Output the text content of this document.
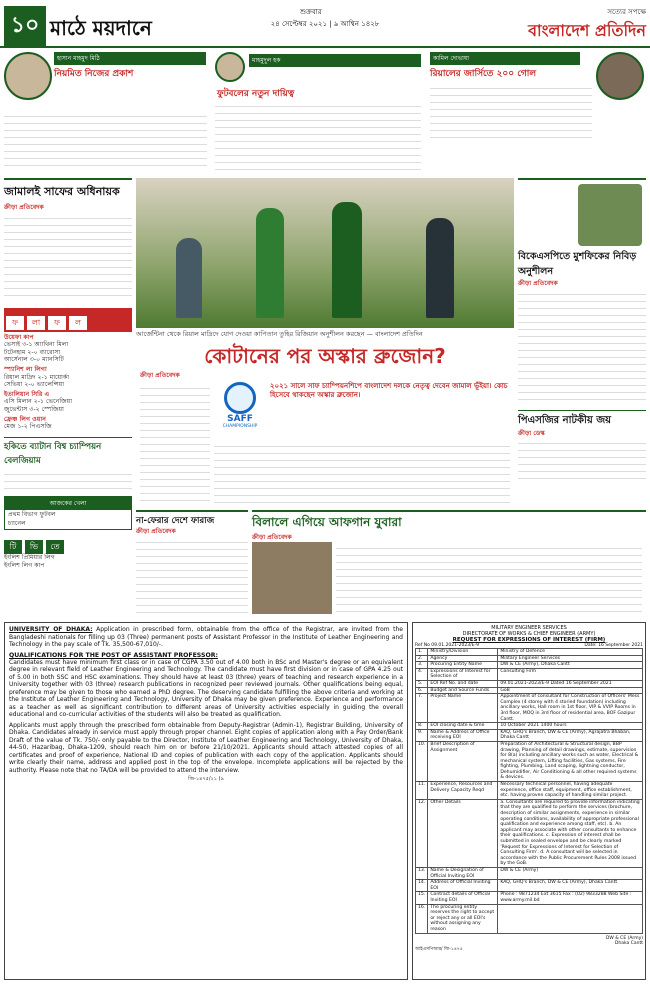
১০ মাঠে ময়দানে
শুক্রবার
২৪ সেপ্টেম্বর ২০২১ | ৯ আশ্বিন ১৪২৮
সত্যের সপক্ষে
বাংলাদেশ প্রতিদিন
হাসান মাহমুদ মিঠি
নিয়মিত নিজের প্রকাশ
মাহমুদুল হক
ফুটবলের নতুন দায়িত্ব
কামিল দোভাষা
রিয়ালের জার্সিতে ২০০ গোল
জামালই সাফের অধিনায়ক
ক্রীড়া প্রতিবেদক
ফ লা ফ ল
উয়েফা কাপ
ভেসাই ৩-১ অ্যাথিনা মিলা
টটেনহাম ২-০ ব্যারোসা
আর্সেনাল ৩-০ ম্যানসিটি
স্প্যানিশ লা লিগা
রিয়াল মাদ্রিদ ২-১ মায়োর্কা
সেভিয়া ২-০ ভ্যালেন্সিয়া
ইতালিয়ান সিরি এ
এসি মিলান ২-১ ভেনেজিয়া
জুভেন্টাস ৩-২ স্পেজিয়া
ফ্রেঞ্চ লিগ ওয়ান
মেজ ১-২ পিএসজি
হকিতে ব্যাটান বিশ্ব চ্যাম্পিয়ন বেলজিয়াম
আজকের খেলা
প্রথম বিভাগ ফুটবল
চ্যানেল
টি ভি তে
ইংলিশ প্রিমিয়ার লিগ
ইংলিশ লিগ কাপ
আর্জেন্টিনা থেকে রিয়াল মাদ্রিদে যোগ দেওয়া কাপিতান তুহির রিজিয়ান অনুশীলন করছেন — বাংলাদেশ প্রতিদিন
কোটানের পর অস্কার ব্রুজোন?
ক্রীড়া প্রতিবেদক
SAFF
CHAMPIONSHIP
২০২১ সালে সাফ চ্যাম্পিয়নশিপে বাংলাদেশ দলকে নেতৃত্ব দেবেন জামাল ভূঁইয়া। কোচ হিসেবে থাকছেন অস্কার ব্রুজোন।
বিকেএসপিতে মুশফিকের নিবিড় অনুশীলন
ক্রীড়া প্রতিবেদক
পিএসজির নাটকীয় জয়
ক্রীড়া ডেস্ক
না-ফেরার দেশে ফারাজ
ক্রীড়া প্রতিবেদক
বিলালে এগিয়ে আফগান যুবারা
ক্রীড়া প্রতিবেদক
UNIVERSITY OF DHAKA: Application in prescribed form, obtainable from the office of the Registrar, are invited from the Bangladeshi nationals for filling up 03 (Three) permanent posts of Assistant Professor in the Institute of Leather Engineering and Technology in the pay scale of Tk. 35,500-67,010/-.
QUALIFICATIONS FOR THE POST OF ASSISTANT PROFESSOR:
Candidates must have minimum first class or in case of CGPA 3.50 out of 4.00 both in BSc and Master's degree or an equivalent degree in relevant field of Leather Engineering and Technology. The candidate must have first division or in case of GPA 4.25 out of 5.00 in both SSC and HSC examinations. They should have at least 03 (three) years of teaching and research experience in a University together with 03 (three) research publications in recognized peer reviewed journals. Other qualifications being equal, preference may be given to those who earned a PhD degree. The deserving candidate fulfilling the above criteria and working at the Institute of Leather Engineering and Technology, University of Dhaka may be given preference. Experience and performance as a teacher as well as significant contribution to different areas of University activities especially in guiding the overall educational and co-curricular activities of the students will also be treated as qualification.
Applicants must apply through the prescribed form obtainable from Deputy-Registrar (Admin-1), Registrar Building, University of Dhaka. Candidates already in service must apply through proper channel. Eight copies of application along with a Pay Order/Bank Draft of the value of Tk. 750/- only payable to the Director, Institute of Leather Engineering and Technology, University of Dhaka, 44-50, Hazaribag, Dhaka-1209, should reach him on or before 21/10/2021. Applicants should attach attested copies of all certificates and proof of experience, National ID and copies of publication with each copy of the application. Applicants should write clearly their name, address and applied post in the top of the envelope. Incomplete applications will be rejected by the authority. Please note that no TA/DA will be provided to attend the interview.
জি-১৪৭৫/২১ (৯
MILITARY ENGINEER SERVICES
DIRECTORATE OF WORKS & CHIEF ENGINEER (ARMY)
REQUEST FOR EXPRESSIONS OF INTEREST (FIRM)
Ref No 09.01.2021-2023/E-9	Date: 16 September 2021
1.	Ministry/Division	Ministry of Defence
2.	Agency	Military Engineer Services
3.	Procuring Entity Name	DW & CE (Army), Dhaka Cantt
4.	Expressions of Interest for Selection of	Consulting Firm
5.	EOI Ref No. and date	09.01.2021-2023/E-9 Dated 16 September 2021
6.	Budget and Source Funds	GoB
7.	Project Name	Appointment of consultant for Construction of Officers' Mess Complex (4 storey with 4 storied foundation) including ancillary works, Hall room in 1st floor, VIP & VVIP Rooms in 3rd floor, MOQ in 3rd floor of residential area, BOF Gazipur Cantt.
8.	EOI closing date & time	10 October 2021 1400 hours
9.	Name & Address of Office receiving EOI	KAQ, GHQ's Branch, DW & CE (Army), Agrajatra Bhaban, Dhaka Cantt
10.	Brief Description of Assignment	Preparation of Architectural & Structural design, BBP drawing, Planning of detail drawings, estimate, supervision for 8(a) including ancillary works such as water, Electrical & mechanical system, Lifting facilities, Gas systems, Fire fighting, Plumbing, Land scaping, lightning conductor, Dehumidifier, Air Conditioning & all other required systems & devices.
11.	Experience, Resources and Delivery Capacity Reqd	Necessary technical personnel, having adequate experience, office staff, equipment, office establishment, etc. having proven capacity of handling similar project.
12.	Other Details	a. Consultants are required to provide information indicating that they are qualified to perform the services (brochure, description of similar assignments, experience in similar operating conditions, availability of appropriate professional qualification and experience among staff, etc). b. An applicant may associate with other consultants to enhance their qualifications. c. Expression of interest shall be submitted in sealed envelope and be clearly marked 'Request for Expressions of Interest for Selection of Consulting Firm'. d. A consultant will be selected in accordance with the Public Procurement Rules 2008 issued by the GoB.
13.	Name & Designation of Official Inviting EOI	DW & CE (Army)
14.	Address of Official Inviting EOI	KAQ, GHQ's Branch, DW & CE (Army), Dhaka Cantt
15.	Contract details of Official Inviting EOI	Phone : 9871234 Ext 3615 Fax : (02) 9833288 Web Site : www.army.mil.bd
16.	The procuring entity reserves the right to accept or reject any or all EOI's without assigning any reason	
DW & CE (Army)
Dhaka Cantt
আইএসপিআর/ জি-১৪৭৫
